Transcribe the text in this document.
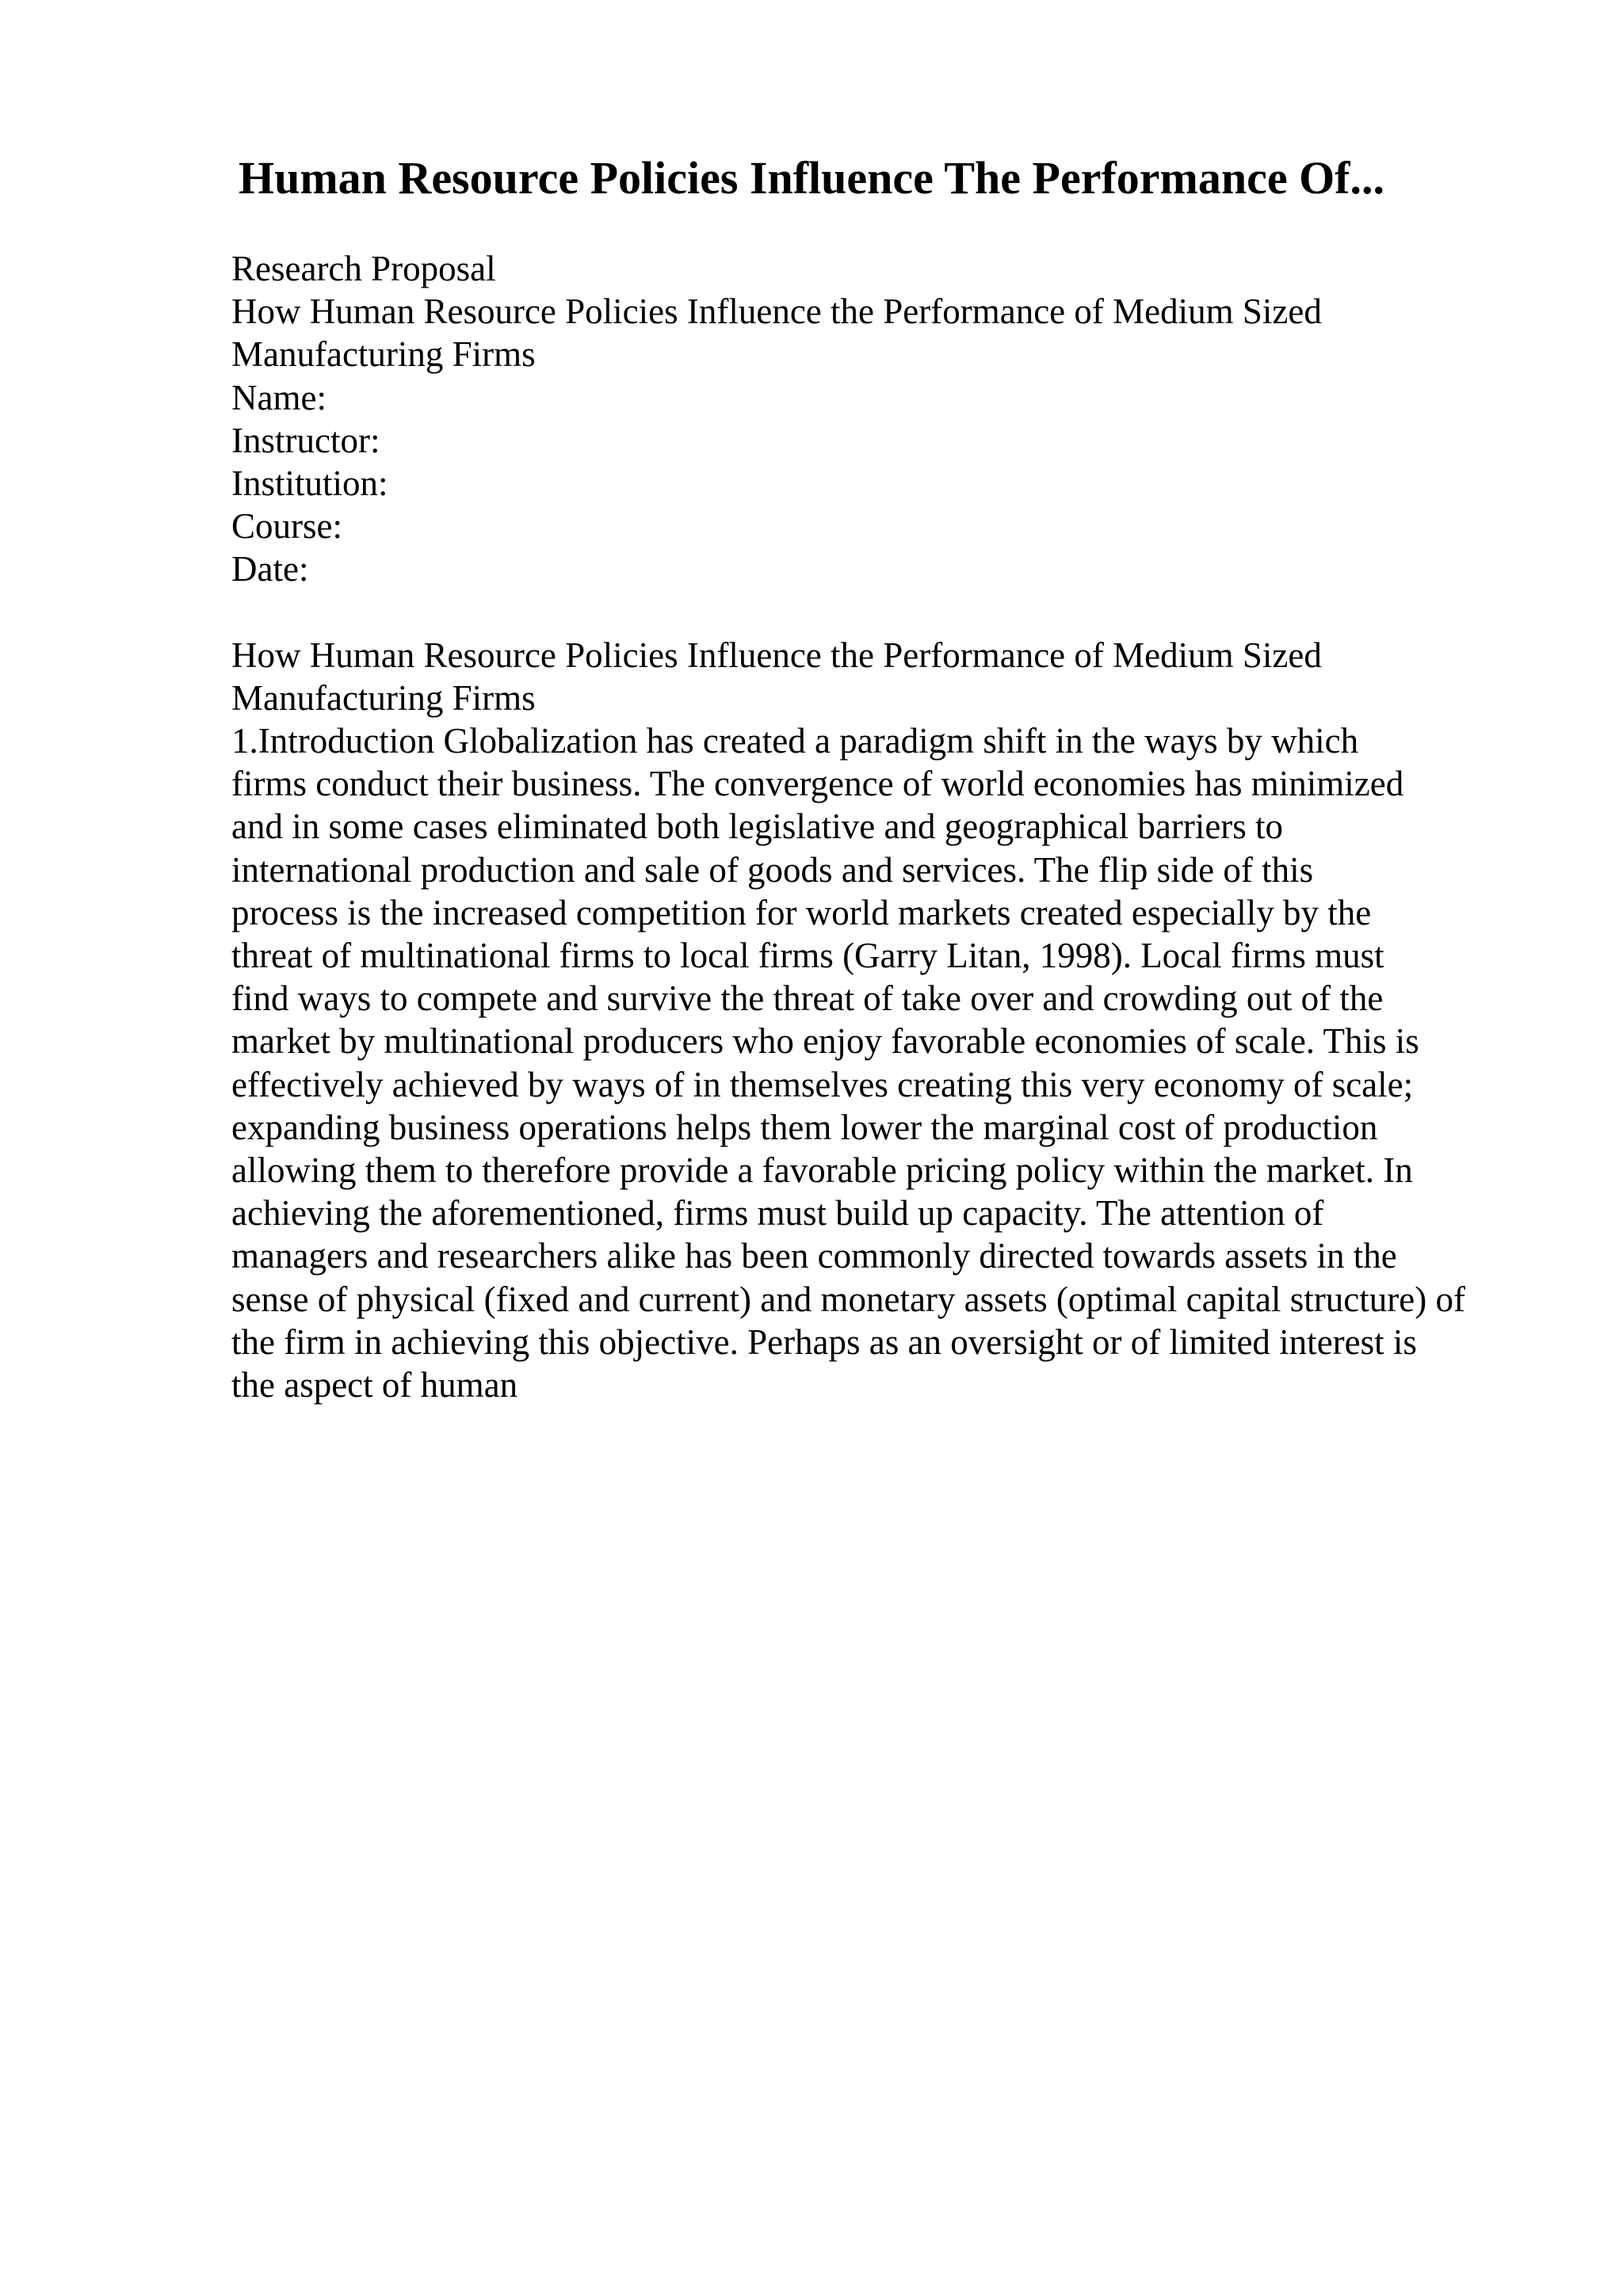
Human Resource Policies Influence The Performance Of...
Research Proposal
How Human Resource Policies Influence the Performance of Medium Sized
Manufacturing Firms
Name:
Instructor:
Institution:
Course:
Date:
How Human Resource Policies Influence the Performance of Medium Sized
Manufacturing Firms
1.Introduction Globalization has created a paradigm shift in the ways by which
firms conduct their business. The convergence of world economies has minimized
and in some cases eliminated both legislative and geographical barriers to
international production and sale of goods and services. The flip side of this
process is the increased competition for world markets created especially by the
threat of multinational firms to local firms (Garry Litan, 1998). Local firms must
find ways to compete and survive the threat of take over and crowding out of the
market by multinational producers who enjoy favorable economies of scale. This is
effectively achieved by ways of in themselves creating this very economy of scale;
expanding business operations helps them lower the marginal cost of production
allowing them to therefore provide a favorable pricing policy within the market. In
achieving the aforementioned, firms must build up capacity. The attention of
managers and researchers alike has been commonly directed towards assets in the
sense of physical (fixed and current) and monetary assets (optimal capital structure) of
the firm in achieving this objective. Perhaps as an oversight or of limited interest is
the aspect of human
